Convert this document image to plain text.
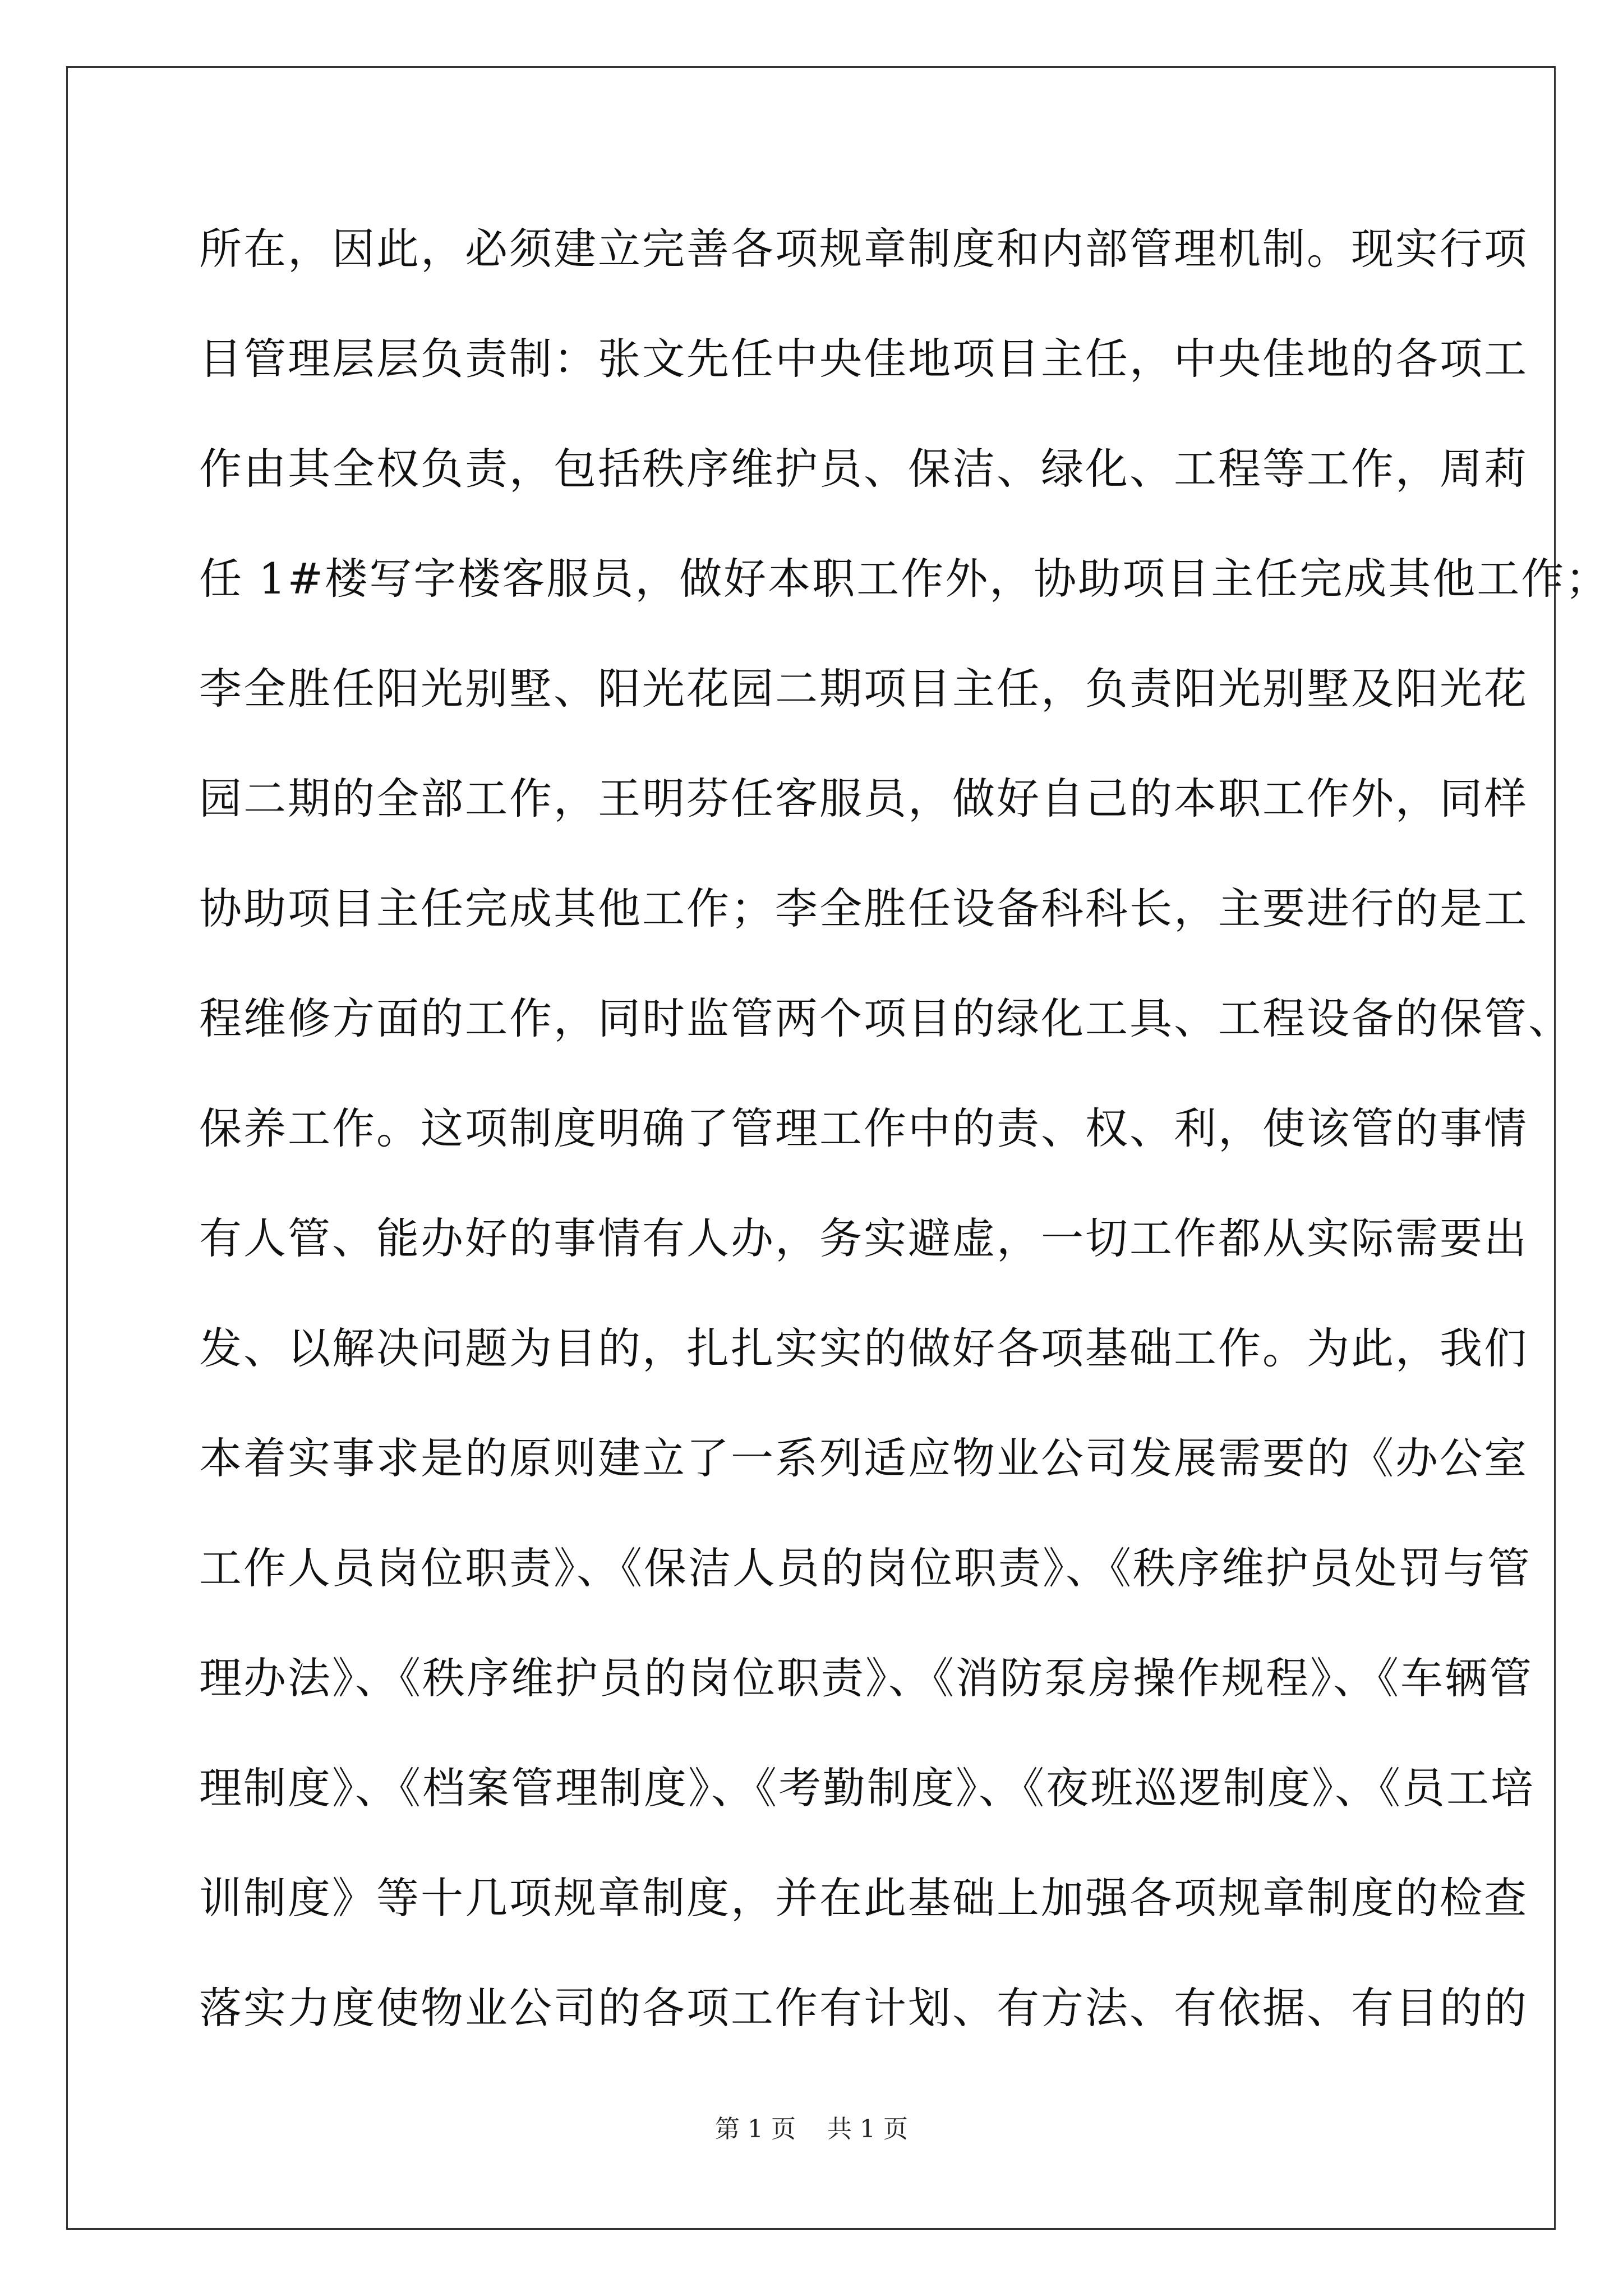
所在，因此，必须建立完善各项规章制度和内部管理机制。现实行项
目管理层层负责制：张文先任中央佳地项目主任，中央佳地的各项工
作由其全权负责，包括秩序维护员、保洁、绿化、工程等工作，周莉
任 1#楼写字楼客服员，做好本职工作外，协助项目主任完成其他工作；
李全胜任阳光别墅、阳光花园二期项目主任，负责阳光别墅及阳光花
园二期的全部工作，王明芬任客服员，做好自己的本职工作外，同样
协助项目主任完成其他工作；李全胜任设备科科长，主要进行的是工
程维修方面的工作，同时监管两个项目的绿化工具、工程设备的保管、
保养工作。这项制度明确了管理工作中的责、权、利，使该管的事情
有人管、能办好的事情有人办，务实避虚，一切工作都从实际需要出
发、以解决问题为目的，扎扎实实的做好各项基础工作。为此，我们
本着实事求是的原则建立了一系列适应物业公司发展需要的《办公室
工作人员岗位职责》、《保洁人员的岗位职责》、《秩序维护员处罚与管
理办法》、《秩序维护员的岗位职责》、《消防泵房操作规程》、《车辆管
理制度》、《档案管理制度》、《考勤制度》、《夜班巡逻制度》、《员工培
训制度》等十几项规章制度，并在此基础上加强各项规章制度的检查
落实力度使物业公司的各项工作有计划、有方法、有依据、有目的的
第 1 页 共 1 页
